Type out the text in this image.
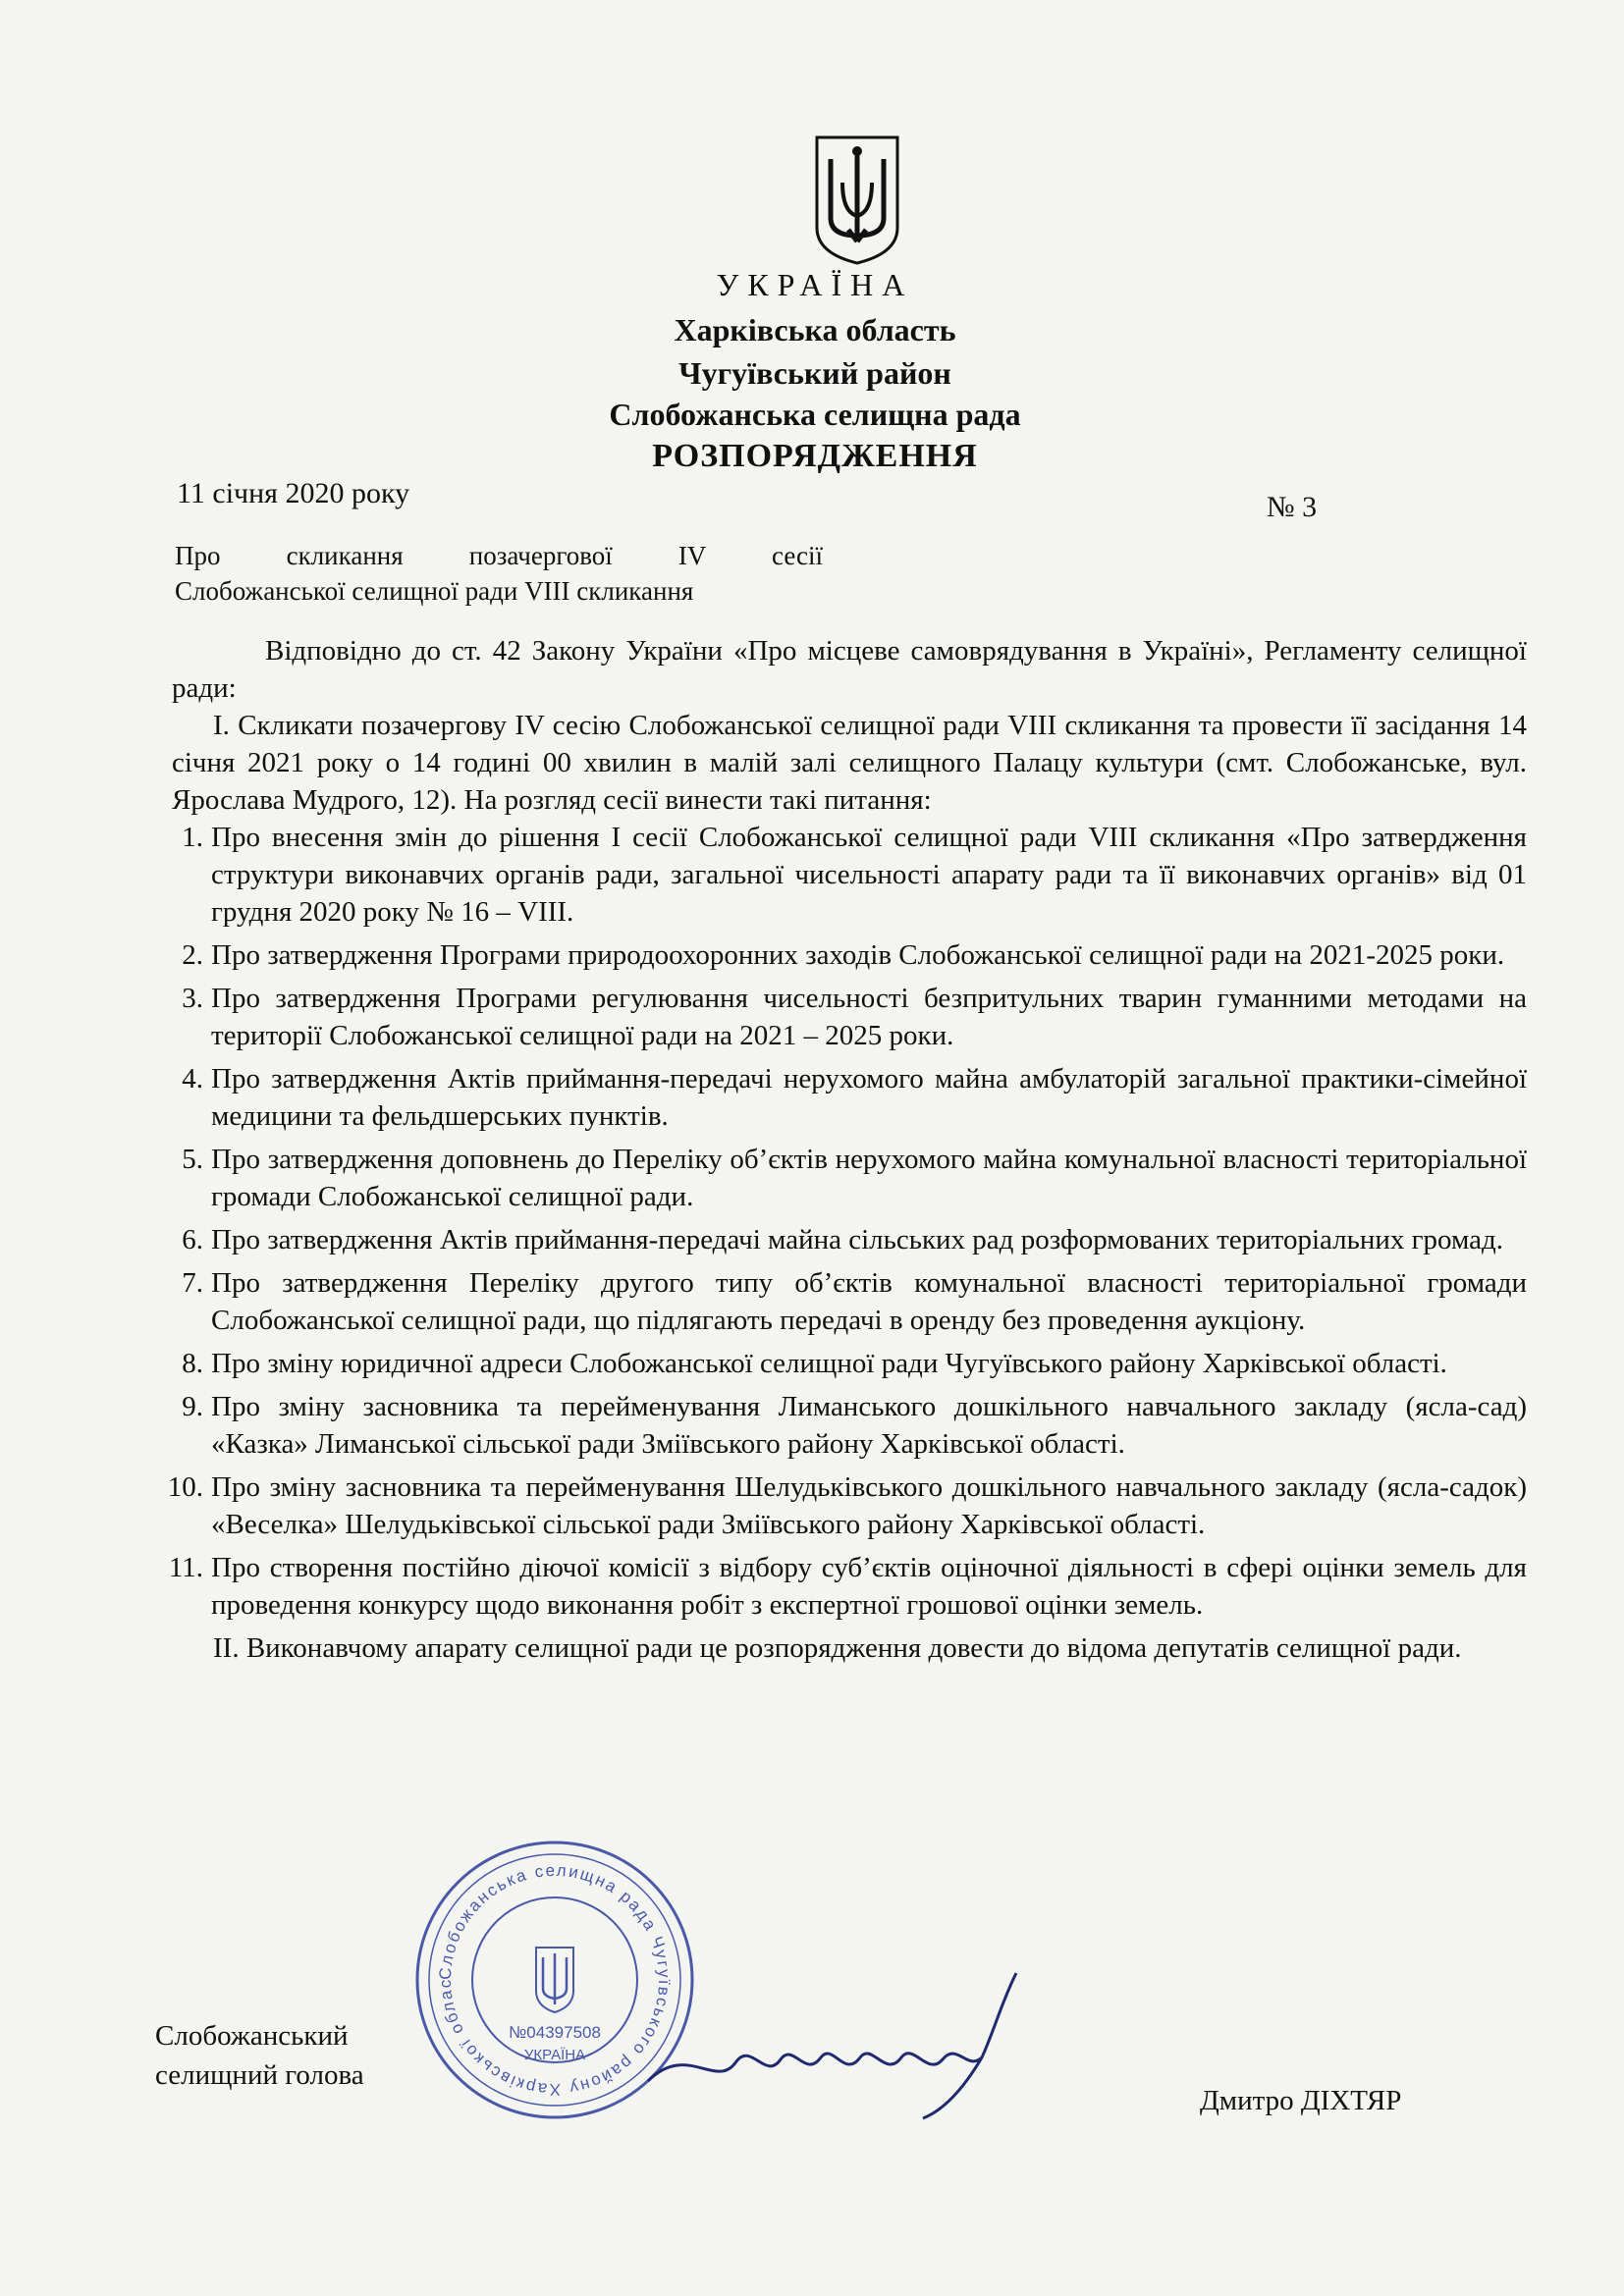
УКРАЇНА
Харківська область
Чугуївський район
Слобожанська селищна рада
РОЗПОРЯДЖЕННЯ
11 січня 2020 року	№ 3
Про скликання позачергової IV сесії
Слобожанської селищної ради VIII скликання

Відповідно до ст. 42 Закону України «Про місцеве самоврядування в Україні», Регламенту селищної ради:

І. Скликати позачергову IV сесію Слобожанської селищної ради VIII скликання та провести її засідання 14 січня 2021 року о 14 годині 00 хвилин в малій залі селищного Палацу культури (смт. Слобожанське, вул. Ярослава Мудрого, 12). На розгляд сесії винести такі питання:

1. Про внесення змін до рішення І сесії Слобожанської селищної ради VIII скликання «Про затвердження структури виконавчих органів ради, загальної чисельності апарату ради та її виконавчих органів» від 01 грудня 2020 року № 16 – VIII.
2. Про затвердження Програми природоохоронних заходів Слобожанської селищної ради на 2021-2025 роки.
3. Про затвердження Програми регулювання чисельності безпритульних тварин гуманними методами на території Слобожанської селищної ради на 2021 – 2025 роки.
4. Про затвердження Актів приймання-передачі нерухомого майна амбулаторій загальної практики-сімейної медицини та фельдшерських пунктів.
5. Про затвердження доповнень до Переліку об’єктів нерухомого майна комунальної власності територіальної громади Слобожанської селищної ради.
6. Про затвердження Актів приймання-передачі майна сільських рад розформованих територіальних громад.
7. Про затвердження Переліку другого типу об’єктів комунальної власності територіальної громади Слобожанської селищної ради, що підлягають передачі в оренду без проведення аукціону.
8. Про зміну юридичної адреси Слобожанської селищної ради Чугуївського району Харківської області.
9. Про зміну засновника та перейменування Лиманського дошкільного навчального закладу (ясла-сад) «Казка» Лиманської сільської ради Зміївського району Харківської області.
10. Про зміну засновника та перейменування Шелудьківського дошкільного навчального закладу (ясла-садок) «Веселка» Шелудьківської сільської ради Зміївського району Харківської області.
11. Про створення постійно діючої комісії з відбору суб’єктів оціночної діяльності в сфері оцінки земель для проведення конкурсу щодо виконання робіт з експертної грошової оцінки земель.

ІІ. Виконавчому апарату селищної ради це розпорядження довести до відома депутатів селищної ради.

Слобожанська селищна рада Чугуївського району Харківської облас
№04397508
УКРАЇНА
Слобожанський
селищний голова
Дмитро ДІХТЯР
